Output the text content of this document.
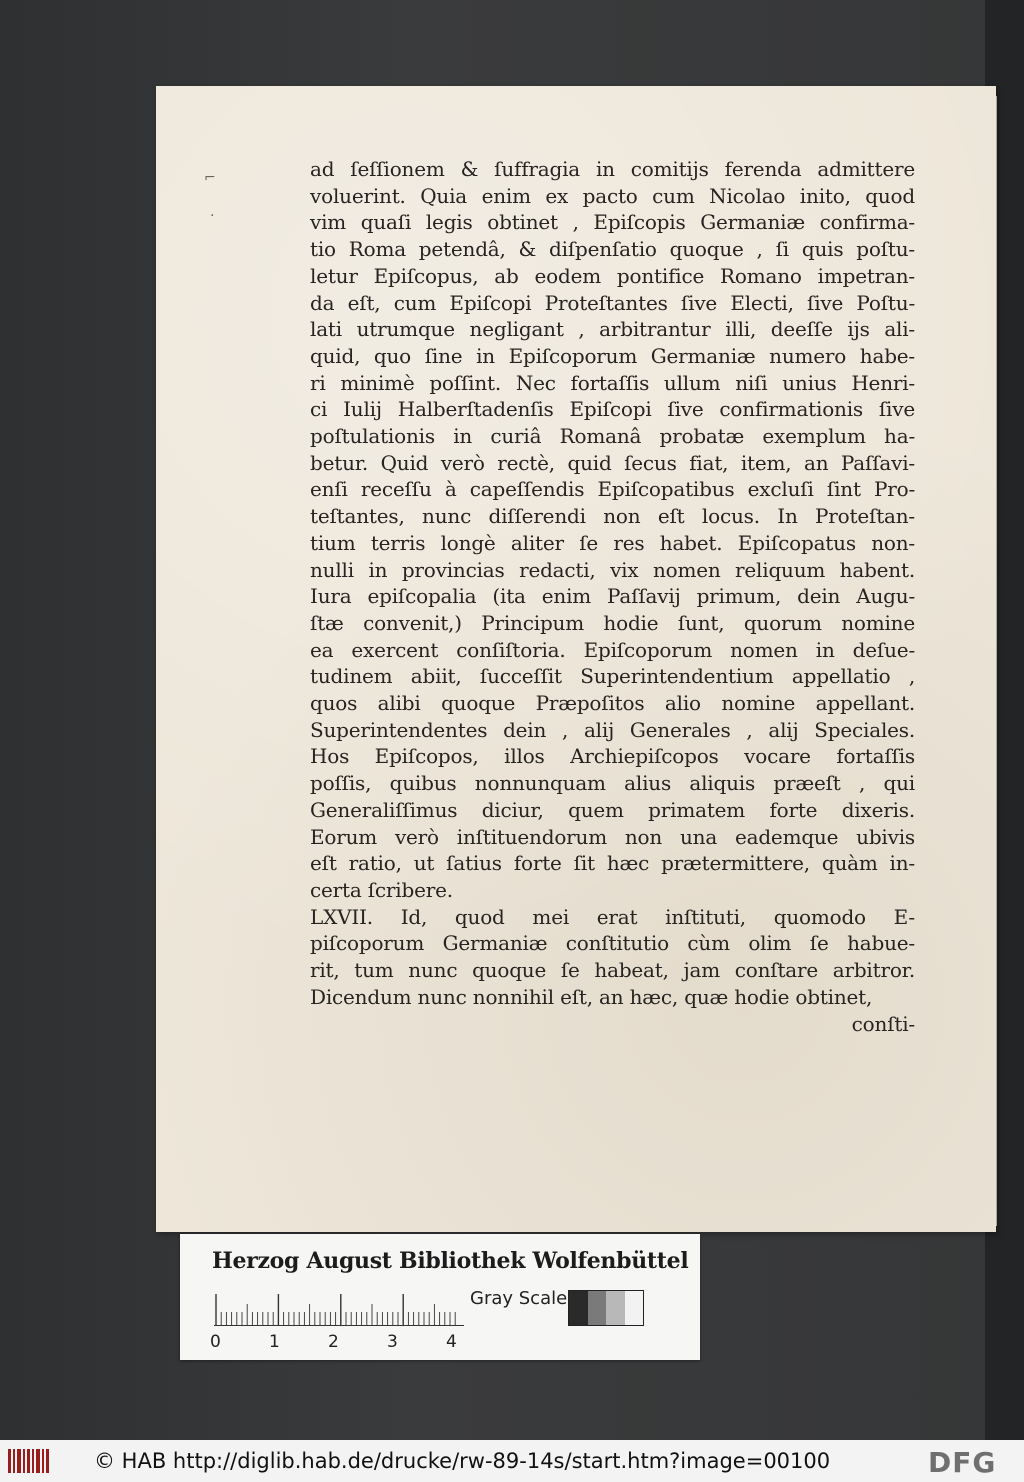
⌐
·
ad ſeſſionem & ſuffragia in comitijs ferenda admittere
voluerint. Quia enim ex pacto cum Nicolao inito, quod
vim quaſi legis obtinet , Epiſcopis Germaniæ confirma-
tio Roma petendâ, & diſpenſatio quoque , ſi quis poſtu-
letur Epiſcopus, ab eodem pontifice Romano impetran-
da eſt, cum Epiſcopi Proteſtantes ſive Electi, ſive Poſtu-
lati utrumque negligant , arbitrantur illi, deeſſe ijs ali-
quid, quo ſine in Epiſcoporum Germaniæ numero habe-
ri minimè poſſint. Nec fortaſſis ullum niſi unius Henri-
ci Iulij Halberſtadenſis Epiſcopi ſive confirmationis ſive
poſtulationis in curiâ Romanâ probatæ exemplum ha-
betur. Quid verò rectè, quid ſecus fiat, item, an Paſſavi-
enſi receſſu à capeſſendis Epiſcopatibus excluſi ſint Pro-
teſtantes, nunc diſſerendi non eſt locus. In Proteſtan-
tium terris longè aliter ſe res habet. Epiſcopatus non-
nulli in provincias redacti, vix nomen reliquum habent.
Iura epiſcopalia (ita enim Paſſavij primum, dein Augu-
ſtæ convenit,) Principum hodie ſunt, quorum nomine
ea exercent conſiſtoria. Epiſcoporum nomen in deſue-
tudinem abiit, ſucceſſit Superintendentium appellatio ,
quos alibi quoque Præpoſitos alio nomine appellant.
Superintendentes dein , alij Generales , alij Speciales.
Hos Epiſcopos, illos Archiepiſcopos vocare fortaſſis
poſſis, quibus nonnunquam alius aliquis præeſt , qui
Generaliſſimus diciur, quem primatem forte dixeris.
Eorum verò inſtituendorum non una eademque ubivis
eſt ratio, ut ſatius forte ſit hæc prætermittere, quàm in-
certa ſcribere.
LXVII. Id, quod mei erat inſtituti, quomodo E-
piſcoporum Germaniæ conſtitutio cùm olim ſe habue-
rit, tum nunc quoque ſe habeat, jam conſtare arbitror.
Dicendum nunc nonnihil eſt, an hæc, quæ hodie obtinet,
conſti-
Herzog August Bibliothek Wolfenbüttel
Gray Scale
0	1	2	3	4
© HAB http://diglib.hab.de/drucke/rw-89-14s/start.htm?image=00100	DFG
